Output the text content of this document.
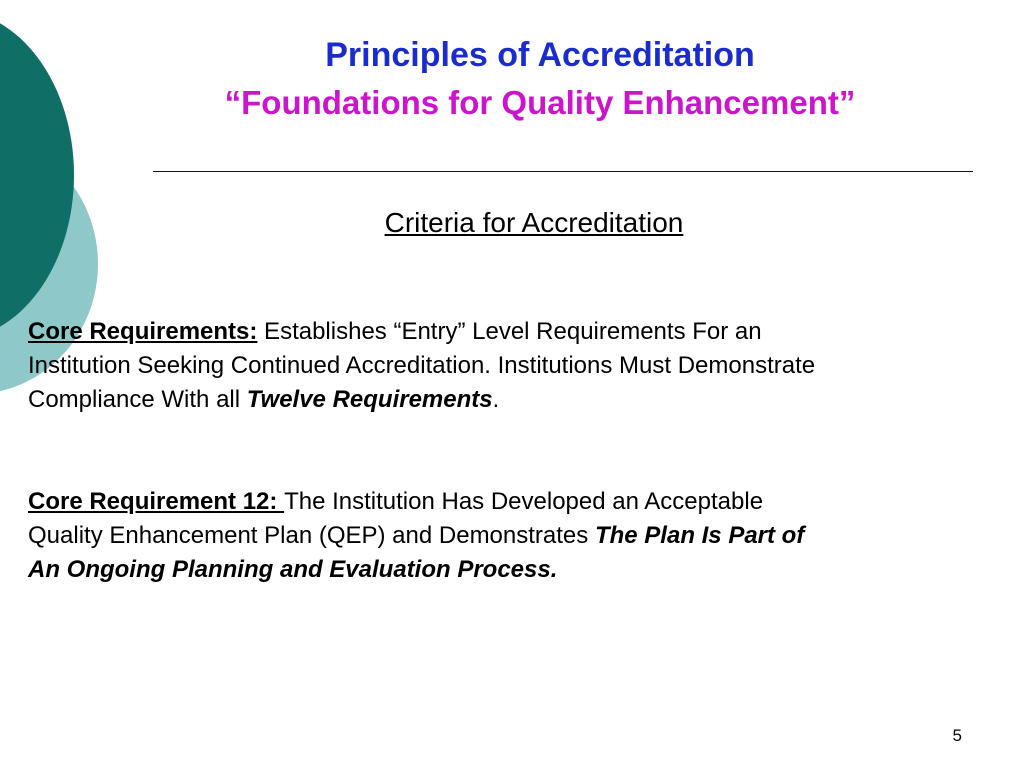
Principles of Accreditation
“Foundations for Quality Enhancement”
Criteria for Accreditation
Core Requirements: Establishes “Entry” Level Requirements For an
Institution Seeking Continued Accreditation. Institutions Must Demonstrate
Compliance With all Twelve Requirements.
Core Requirement 12: The Institution Has Developed an Acceptable
Quality Enhancement Plan (QEP) and Demonstrates The Plan Is Part of
An Ongoing Planning and Evaluation Process.
5
